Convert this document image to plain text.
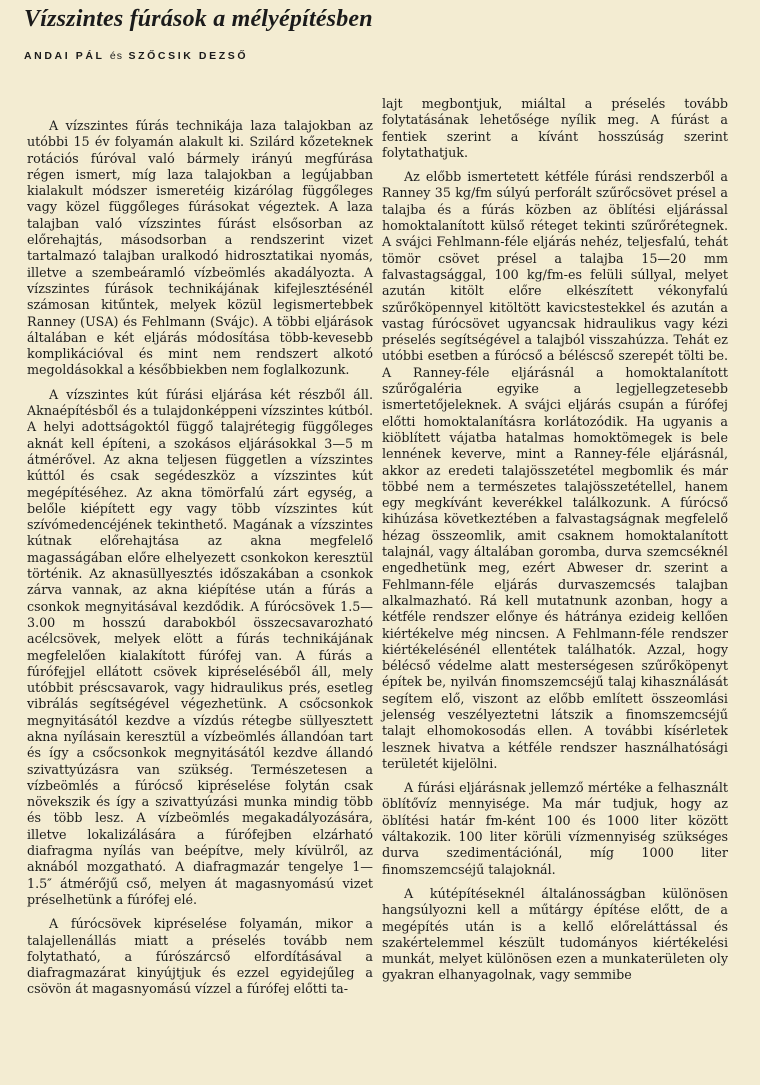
Vízszintes fúrások a mélyépítésben
ANDAI PÁL és SZŐCSIK DEZSŐ

A vízszintes fúrás technikája laza talajokban az utóbbi 15 év folyamán alakult ki. Szilárd kőzeteknek rotációs fúróval való bármely irányú megfúrása régen ismert, míg laza talajokban a legújabban kialakult módszer ismeretéig kizárólag függőleges vagy közel függőleges fúrásokat végeztek. A laza talajban való vízszintes fúrást elsősorban az előrehajtás, másodsorban a rendszerint vizet tartalmazó talajban uralkodó hidrosztatikai nyomás, illetve a szembeáramló vízbeömlés akadályozta. A vízszintes fúrások technikájának kifejlesztésénél számosan kitűntek, melyek közül legismertebbek Ranney (USA) és Fehlmann (Svájc). A többi eljárások általában e két eljárás módosítása több-kevesebb komplikációval és mint nem rendszert alkotó megoldásokkal a későbbiekben nem foglalkozunk.

A vízszintes kút fúrási eljárása két részből áll. Aknaépítésből és a tulajdonképpeni vízszintes kútból. A helyi adottságoktól függő talajrétegig függőleges aknát kell építeni, a szokásos eljárásokkal 3—5 m átmérővel. Az akna teljesen független a vízszintes kúttól és csak segédeszköz a vízszintes kút megépítéséhez. Az akna tömörfalú zárt egység, a belőle kiépített egy vagy több vízszintes kút szívómedencéjének tekinthető. Magának a vízszintes kútnak előrehajtása az akna megfelelő magasságában előre elhelyezett csonkokon keresztül történik. Az aknasüllyesztés időszakában a csonkok zárva vannak, az akna kiépítése után a fúrás a csonkok megnyitásával kezdődik. A fúrócsövek 1.5—3.00 m hosszú darabokból összecsavarozható acélcsövek, melyek elött a fúrás technikájának megfelelően kialakított fúrófej van. A fúrás a fúrófejjel ellátott csövek kipréseléséből áll, mely utóbbit préscsavarok, vagy hidraulikus prés, esetleg vibrálás segítségével végezhetünk. A csőcsonkok megnyitásától kezdve a vízdús rétegbe süllyesztett akna nyílásain keresztül a vízbeömlés állandóan tart és így a csőcsonkok megnyitásától kezdve állandó szivattyúzásra van szükség. Természetesen a vízbeömlés a fúrócső kipréselése folytán csak növekszik és így a szivattyúzási munka mindig több és több lesz. A vízbeömlés megakadályozására, illetve lokalizálására a fúrófejben elzárható diafragma nyílás van beépítve, mely kívülről, az aknából mozgatható. A diafragmazár tengelye 1—1.5″ átmérőjű cső, melyen át magasnyomású vizet préselhetünk a fúrófej elé.

A fúrócsövek kipréselése folyamán, mikor a talajellenállás miatt a préselés tovább nem folytatható, a fúrószárcső elfordításával a diafragmazárat kinyújtjuk és ezzel egyidejűleg a csövön át magasnyomású vízzel a fúrófej előtti ta-

lajt megbontjuk, miáltal a préselés tovább folytatásának lehetősége nyílik meg. A fúrást a fentiek szerint a kívánt hosszúság szerint folytathatjuk.

Az előbb ismertetett kétféle fúrási rendszerből a Ranney 35 kg/fm súlyú perforált szűrőcsövet présel a talajba és a fúrás közben az öblítési eljárással homoktalanított külső réteget tekinti szűrőrétegnek. A svájci Fehlmann-féle eljárás nehéz, teljesfalú, tehát tömör csövet présel a talajba 15—20 mm falvastagsággal, 100 kg/fm-es felüli súllyal, melyet azután kitölt előre elkészített vékonyfalú szűrőköpennyel kitöltött kavicstestekkel és azután a vastag fúrócsövet ugyancsak hidraulikus vagy kézi préselés segítségével a talajból visszahúzza. Tehát ez utóbbi esetben a fúrócső a béléscső szerepét tölti be. A Ranney-féle eljárásnál a homoktalanított szűrőgaléria egyike a legjellegzetesebb ismertetőjeleknek. A svájci eljárás csupán a fúrófej előtti homoktalanításra korlátozódik. Ha ugyanis a kiöblített vájatba hatalmas homoktömegek is bele lennének keverve, mint a Ranney-féle eljárásnál, akkor az eredeti talajösszetétel megbomlik és már többé nem a természetes talajösszetétellel, hanem egy megkívánt keverékkel találkozunk. A fúrócső kihúzása következtében a falvastagságnak megfelelő hézag összeomlik, amit csaknem homoktalanított talajnál, vagy általában goromba, durva szemcséknél engedhetünk meg, ezért Abweser dr. szerint a Fehlmann-féle eljárás durvaszemcsés talajban alkalmazható. Rá kell mutatnunk azonban, hogy a kétféle rendszer előnye és hátránya ezideig kellően kiértékelve még nincsen. A Fehlmann-féle rendszer kiértékelésénél ellentétek találhatók. Azzal, hogy bélécső védelme alatt mesterségesen szűrőköpenyt építek be, nyilván finomszemcséjű talaj kihasználását segítem elő, viszont az előbb említett összeomlási jelenség veszélyeztetni látszik a finomszemcséjű talajt elhomokosodás ellen. A további kísérletek lesznek hivatva a kétféle rendszer használhatósági területét kijelölni.

A fúrási eljárásnak jellemző mértéke a felhasznált öblítővíz mennyisége. Ma már tudjuk, hogy az öblítési határ fm-ként 100 és 1000 liter között váltakozik. 100 liter körüli vízmennyiség szükséges durva szedimentációnál, míg 1000 liter finomszemcséjű talajoknál.

A kútépítéseknél általánosságban különösen hangsúlyozni kell a műtárgy építése előtt, de a megépítés után is a kellő előreláttással és szakértelemmel készült tudományos kiértékelési munkát, melyet különösen ezen a munkaterületen oly gyakran elhanyagolnak, vagy semmibe
